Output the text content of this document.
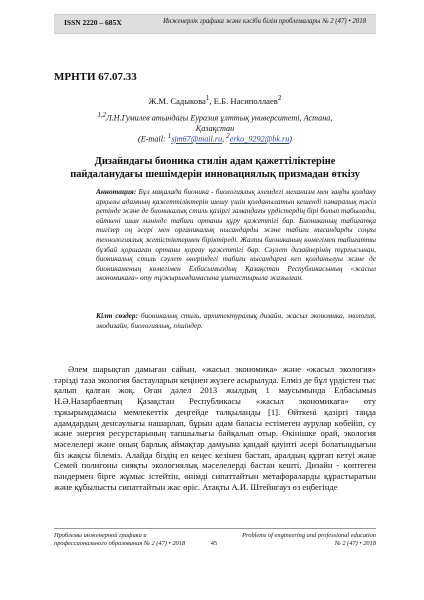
ISSN 2220 – 685X	Инженерлік графика және кәсіби білім проблемалары № 2 (47) • 2018
МРНТИ 67.07.33
Ж.М. Садыкова$^1$, Е.Б. Насиполлаев$^2$
$^{1,2}$Л.Н.Гумилев атындағы Еуразия ұлттық университеті, Астана,
Қазақстан
(E-mail: $^1$sjm67@mail.ru, $^2$erko_9292@bk.ru)
Дизайндағы бионика стилін адам қажеттіліктеріне
пайдаланудағы шешімдерін инновациялық призмадан өткізу
Аннотация: Бұл мақалада бионика - биологиялық әлемдегі механизм мен заңды қолдану арқылы адамның қажеттіліктерін шешу үшін қолданылатын кешенді пәнаралық тәсіл ретінде және де бионикалық стиль қазіргі замандағы үрдістердің бірі болып табылады, өйткені шын мәнінде табиғи ортаны құру қажеттігі бар. Биониканың табиғатқа тигізер оң әсері мен органикалық нысандарды және табиғи нысандарды соңғы технологиялық жетістіктермен біріктіреді. Жалпы биониканың көмегімен табиғатты бұзбай қоршаған ортаны қорғау қажеттігі бар. Сәулет дизайнерінің тұрғысынан, бионикалық стиль сәулет өнеріндегі табиғи нысандарға кеп қолданылуы және де бионикаменың көмегімен Елбасымыздың Қазақстан Республикасының «жасыл экономикаға» өту тұжырымдамасына ұштастырыла жазылған.
Кілт сөздер: бионикалық стиль, архитектуралық дизайн, жасыл экономика, экология, экодизайн, биологиялық, пішіндер.

Әлем шарықтап дамыған сайын, «жасыл экономика» және «жасыл экология» тәрізді таза экология бастауларын кеңінен жүзеге асырылуда. Елміз де бұл үрдістен тыс қалып қалған жоқ. Оған дәлел 2013 жылдың 1 маусымында Елбасымыз Н.Ә.Назарбаевтың Қазақстан Республикасы «жасыл экономикаға» өту тұжырымдамасы мемлекеттік деңгейде талқыланды [1]. Өйткені қазіргі таңда адамдардың денсаулығы нашарлап, бұрын адам баласы естімеген аурулар көбейіп, су және энергия ресурстарының тапшылығы байқалып отыр. Өкінішке орай, экология мәселелері және оның барлық аймақтар дамуына қандай қауіпті әсері болатындығын біз жақсы білеміз. Алайда біздің ел кеңес кезінен бастап, аралдың құрғап кетуі және Семей полигоны сияқты экологиялық мәселелерді бастан кешті. Дизайн - көптеген пәндермен бірге жұмыс істейтін, өнімді сипаттайтын метафораларды құрастыратын және құбылысты сипаттайтын жас өріс. Атақты А.И. Штейнгауз өз еңбегінде

Проблемы инженерной графики и профессионального образования № 2 (47) • 2018	45
Problems of engineering and professional education № 2 (47) • 2018
